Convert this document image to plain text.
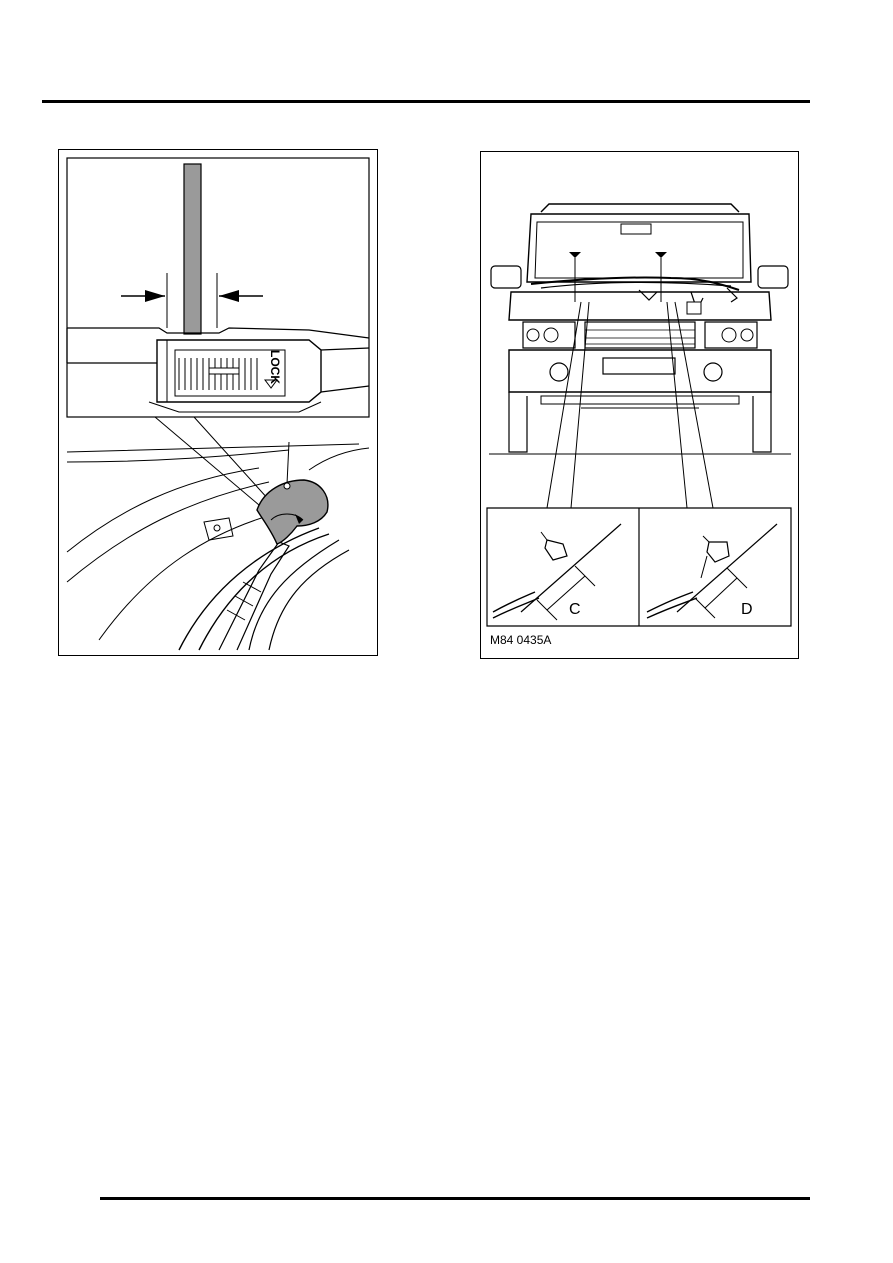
LOCK
C	D
M84 0435A
